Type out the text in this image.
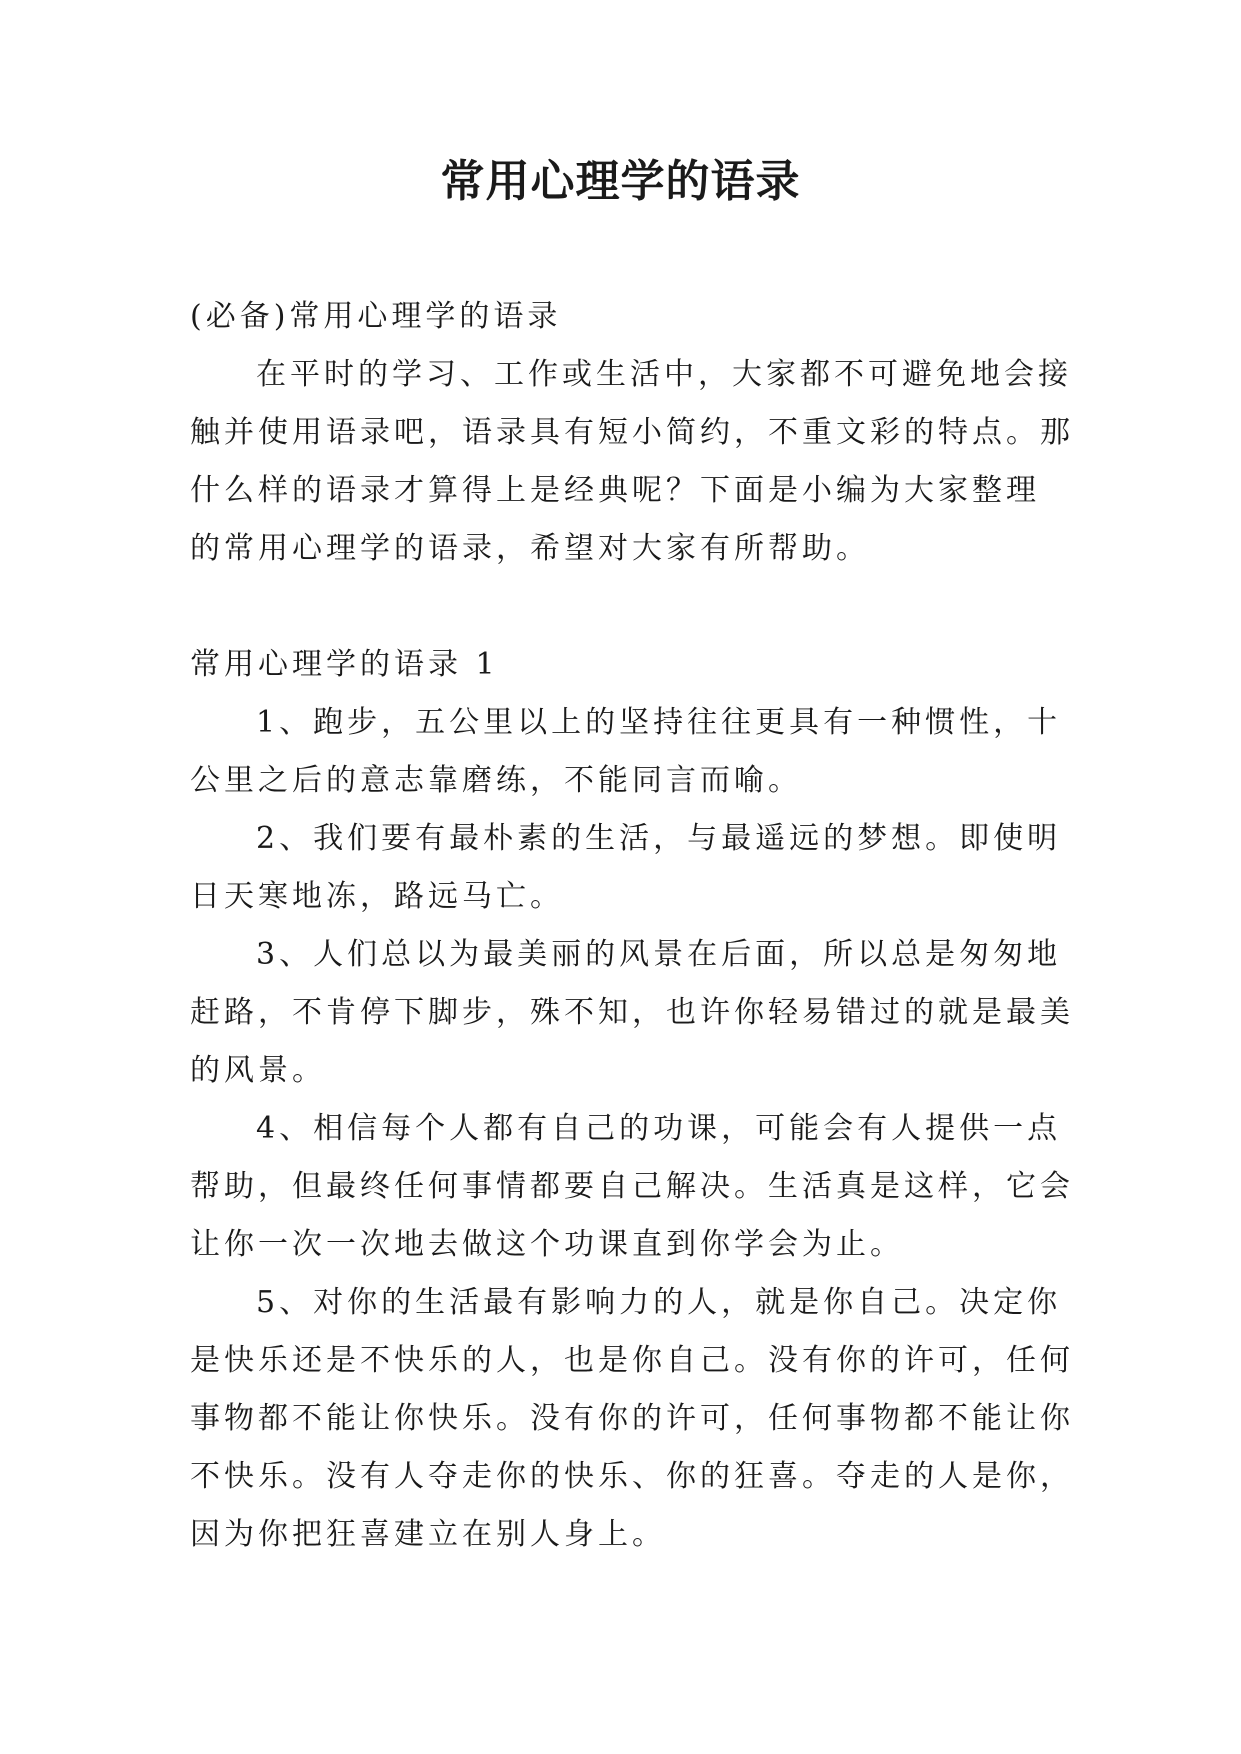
常用心理学的语录
(必备)常用心理学的语录
在平时的学习、工作或生活中，大家都不可避免地会接
触并使用语录吧，语录具有短小简约，不重文彩的特点。那
什么样的语录才算得上是经典呢？下面是小编为大家整理
的常用心理学的语录，希望对大家有所帮助。
常用心理学的语录 1
1、跑步，五公里以上的坚持往往更具有一种惯性，十
公里之后的意志靠磨练，不能同言而喻。
2、我们要有最朴素的生活，与最遥远的梦想。即使明
日天寒地冻，路远马亡。
3、人们总以为最美丽的风景在后面，所以总是匆匆地
赶路，不肯停下脚步，殊不知，也许你轻易错过的就是最美
的风景。
4、相信每个人都有自己的功课，可能会有人提供一点
帮助，但最终任何事情都要自己解决。生活真是这样，它会
让你一次一次地去做这个功课直到你学会为止。
5、对你的生活最有影响力的人，就是你自己。决定你
是快乐还是不快乐的人，也是你自己。没有你的许可，任何
事物都不能让你快乐。没有你的许可，任何事物都不能让你
不快乐。没有人夺走你的快乐、你的狂喜。夺走的人是你，
因为你把狂喜建立在别人身上。
